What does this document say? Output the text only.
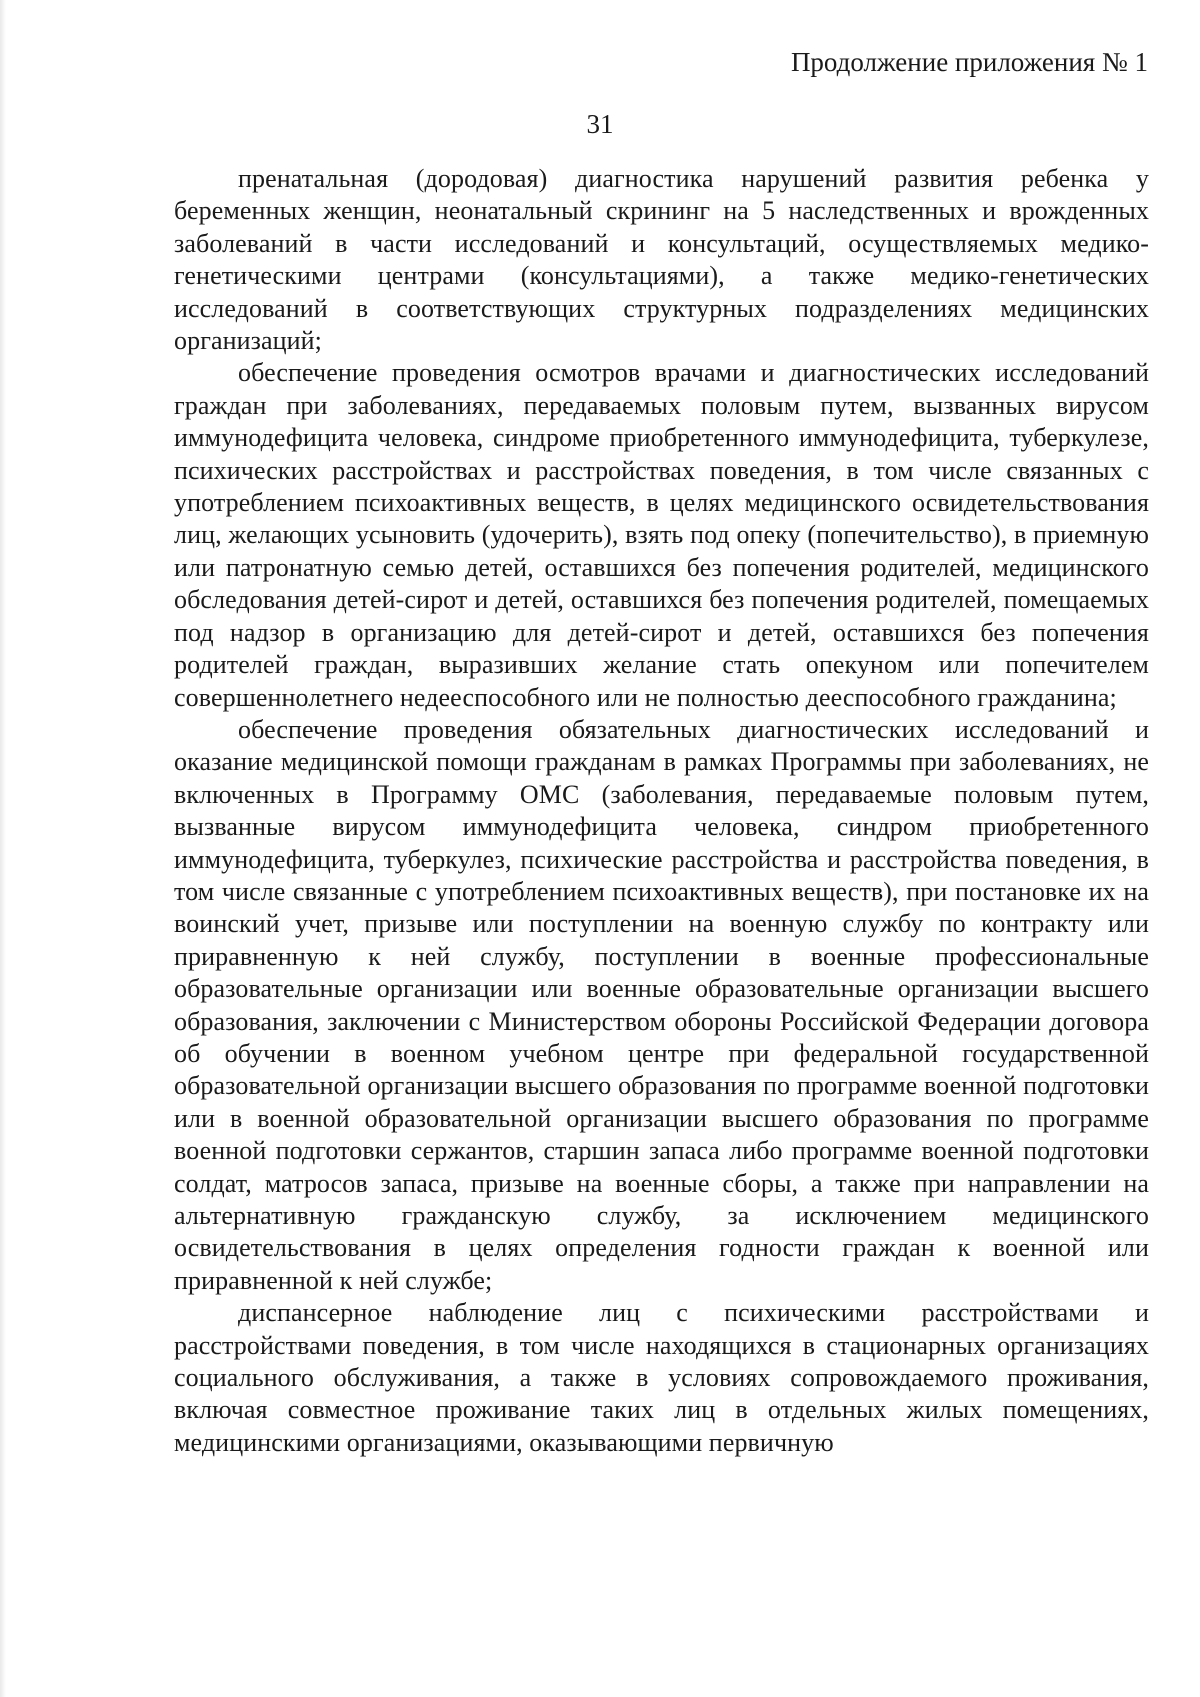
Продолжение приложения № 1
31

пренатальная (дородовая) диагностика нарушений развития ребенка у беременных женщин, неонатальный скрининг на 5 наследственных и врожденных заболеваний в части исследований и консультаций, осуществляемых медико-генетическими центрами (консультациями), а также медико-генетических исследований в соответствующих структурных подразделениях медицинских организаций;

обеспечение проведения осмотров врачами и диагностических исследований граждан при заболеваниях, передаваемых половым путем, вызванных вирусом иммунодефицита человека, синдроме приобретенного иммунодефицита, туберкулезе, психических расстройствах и расстройствах поведения, в том числе связанных с употреблением психоактивных веществ, в целях медицинского освидетельствования лиц, желающих усыновить (удочерить), взять под опеку (попечительство), в приемную или патронатную семью детей, оставшихся без попечения родителей, медицинского обследования детей-сирот и детей, оставшихся без попечения родителей, помещаемых под надзор в организацию для детей-сирот и детей, оставшихся без попечения родителей граждан, выразивших желание стать опекуном или попечителем совершеннолетнего недееспособного или не полностью дееспособного гражданина;

обеспечение проведения обязательных диагностических исследований и оказание медицинской помощи гражданам в рамках Программы при заболеваниях, не включенных в Программу ОМС (заболевания, передаваемые половым путем, вызванные вирусом иммунодефицита человека, синдром приобретенного иммунодефицита, туберкулез, психические расстройства и расстройства поведения, в том числе связанные с употреблением психоактивных веществ), при постановке их на воинский учет, призыве или поступлении на военную службу по контракту или приравненную к ней службу, поступлении в военные профессиональные образовательные организации или военные образовательные организации высшего образования, заключении с Министерством обороны Российской Федерации договора об обучении в военном учебном центре при федеральной государственной образовательной организации высшего образования по программе военной подготовки или в военной образовательной организации высшего образования по программе военной подготовки сержантов, старшин запаса либо программе военной подготовки солдат, матросов запаса, призыве на военные сборы, а также при направлении на альтернативную гражданскую службу, за исключением медицинского освидетельствования в целях определения годности граждан к военной или приравненной к ней службе;

диспансерное наблюдение лиц с психическими расстройствами и расстройствами поведения, в том числе находящихся в стационарных организациях социального обслуживания, а также в условиях сопровождаемого проживания, включая совместное проживание таких лиц в отдельных жилых помещениях, медицинскими организациями, оказывающими первичную
